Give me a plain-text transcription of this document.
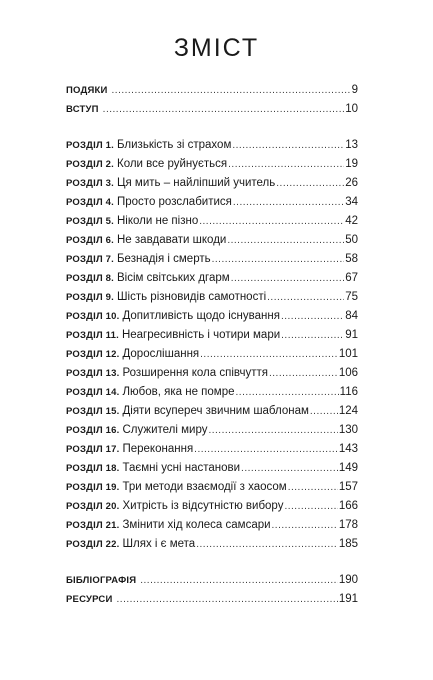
ЗМІСТ
ПОДЯКИ .....	9
ВСТУП .....	10
РОЗДІЛ 1. Близькість зі страхом .....	13
РОЗДІЛ 2. Коли все руйнується .....	19
РОЗДІЛ 3. Ця мить – найліпший учитель .....	26
РОЗДІЛ 4. Просто розслабитися .....	34
РОЗДІЛ 5. Ніколи не пізно .....	42
РОЗДІЛ 6. Не завдавати шкоди .....	50
РОЗДІЛ 7. Безнадія і смерть .....	58
РОЗДІЛ 8. Вісім світських дгарм .....	67
РОЗДІЛ 9. Шість різновидів самотності .....	75
РОЗДІЛ 10. Допитливість щодо існування .....	84
РОЗДІЛ 11. Неагресивність і чотири мари .....	91
РОЗДІЛ 12. Дорослішання .....	101
РОЗДІЛ 13. Розширення кола співчуття .....	106
РОЗДІЛ 14. Любов, яка не помре .....	116
РОЗДІЛ 15. Діяти всупереч звичним шаблонам .....	124
РОЗДІЛ 16. Служителі миру .....	130
РОЗДІЛ 17. Переконання .....	143
РОЗДІЛ 18. Таємні усні настанови .....	149
РОЗДІЛ 19. Три методи взаємодії з хаосом .....	157
РОЗДІЛ 20. Хитрість із відсутністю вибору .....	166
РОЗДІЛ 21. Змінити хід колеса самсари .....	178
РОЗДІЛ 22. Шлях і є мета .....	185
БІБЛІОГРАФІЯ .....	190
РЕСУРСИ .....	191
